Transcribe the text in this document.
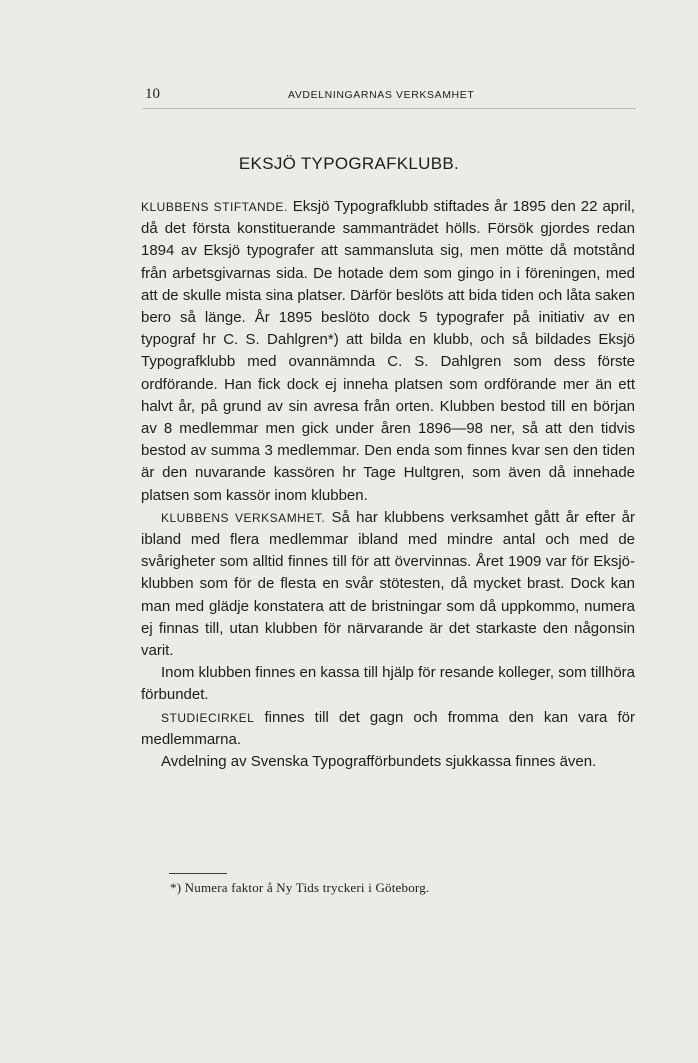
10	AVDELNINGARNAS VERKSAMHET
EKSJÖ TYPOGRAFKLUBB.

KLUBBENS STIFTANDE. Eksjö Typografklubb stiftades år 1895 den 22 april, då det första konstituerande sammanträdet hölls. Försök gjordes redan 1894 av Eksjö typografer att sammansluta sig, men mötte då motstånd från arbetsgivarnas sida. De hotade dem som gingo in i föreningen, med att de skulle mista sina platser. Därför beslöts att bida tiden och låta saken bero så länge. År 1895 beslöto dock 5 typografer på initiativ av en typograf hr C. S. Dahlgren*) att bilda en klubb, och så bildades Eksjö Typografklubb med ovannämnda C. S. Dahlgren som dess förste ordförande. Han fick dock ej inneha platsen som ordförande mer än ett halvt år, på grund av sin avresa från orten. Klubben bestod till en början av 8 medlemmar men gick under åren 1896—98 ner, så att den tidvis bestod av summa 3 medlemmar. Den enda som finnes kvar sen den tiden är den nuvarande kassören hr Tage Hultgren, som även då innehade platsen som kassör inom klubben.

KLUBBENS VERKSAMHET. Så har klubbens verksamhet gått år efter år ibland med flera medlemmar ibland med mindre antal och med de svårigheter som alltid finnes till för att övervinnas. Året 1909 var för Eksjö-klubben som för de flesta en svår stötesten, då mycket brast. Dock kan man med glädje konstatera att de bristningar som då uppkommo, numera ej finnas till, utan klubben för närvarande är det starkaste den någonsin varit.

Inom klubben finnes en kassa till hjälp för resande kolleger, som tillhöra förbundet.

STUDIECIRKEL finnes till det gagn och fromma den kan vara för medlemmarna.

Avdelning av Svenska Typografförbundets sjukkassa finnes även.

*) Numera faktor å Ny Tids tryckeri i Göteborg.
